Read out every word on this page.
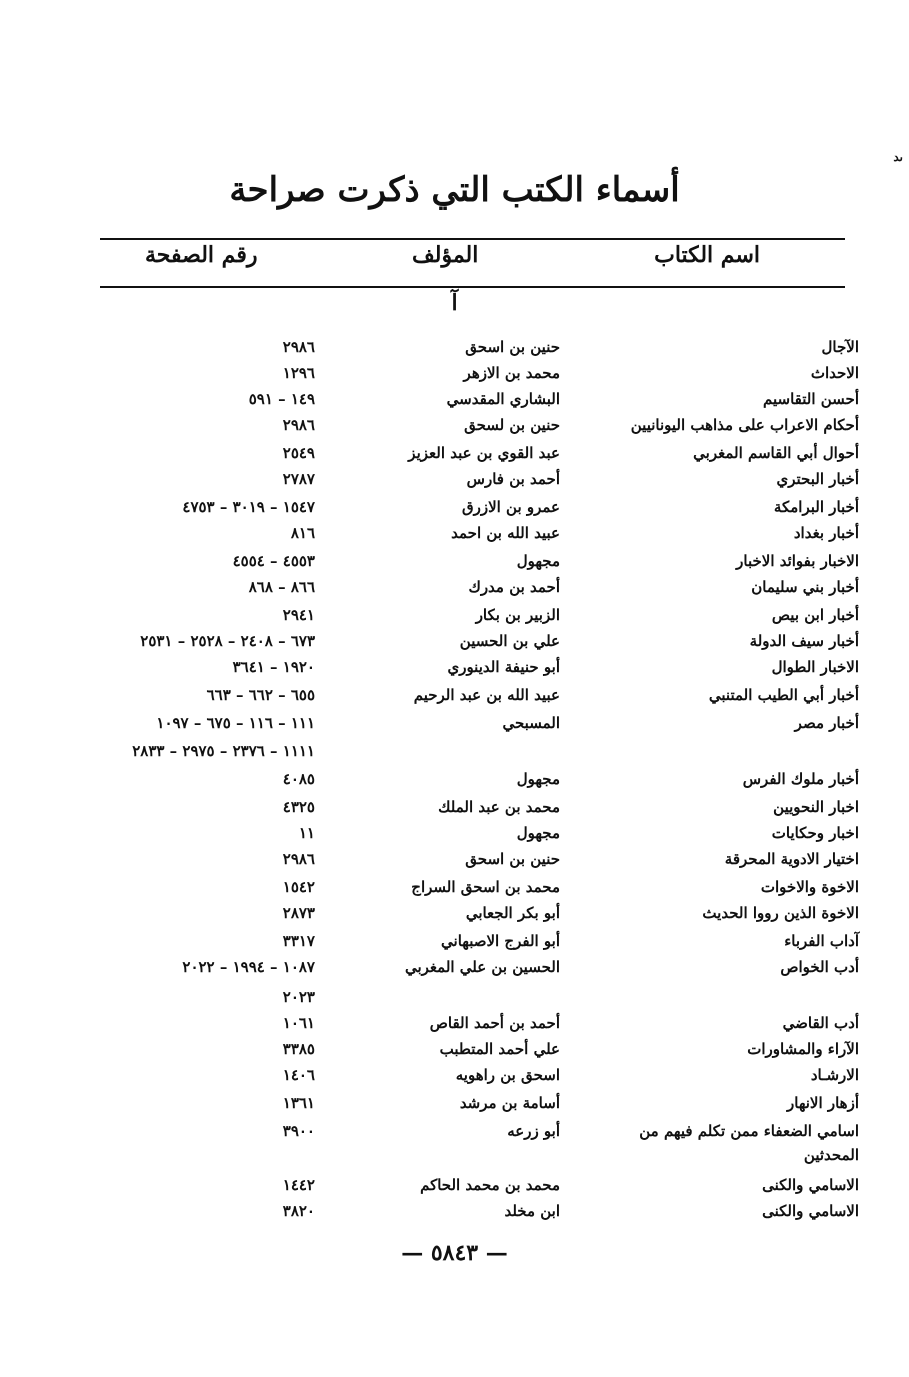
ىد
أسماء الكتب التي ذكرت صراحة
اسم الكتاب
المؤلف
رقم الصفحة
آ
الآجال
حنين بن اسحق
٢٩٨٦
الاحداث
محمد بن الازهر
١٢٩٦
أحسن التقاسيم
البشاري المقدسي
١٤٩ – ٥٩١
أحكام الاعراب على مذاهب اليونانيين
حنين بن لسحق
٢٩٨٦
أحوال أبي القاسم المغربي
عبد القوي بن عبد العزيز
٢٥٤٩
أخبار البحتري
أحمد بن فارس
٢٧٨٧
أخبار البرامكة
عمرو بن الازرق
١٥٤٧ – ٣٠١٩ – ٤٧٥٣
أخبار بغداد
عبيد الله بن احمد
٨١٦
الاخبار بفوائد الاخبار
مجهول
٤٥٥٣ – ٤٥٥٤
أخبار بني سليمان
أحمد بن مدرك
٨٦٦ – ٨٦٨
أخبار ابن بيص
الزبير بن بكار
٢٩٤١
أخبار سيف الدولة
علي بن الحسين
٦٧٣ – ٢٤٠٨ – ٢٥٢٨ – ٢٥٣١
الاخبار الطوال
أبو حنيفة الدينوري
١٩٢٠ – ٣٦٤١
أخبار أبي الطيب المتنبي
عبيد الله بن عبد الرحيم
٦٥٥ – ٦٦٢ – ٦٦٣
أخبار مصر
المسبحي
١١١ – ١١٦ – ٦٧٥ – ١٠٩٧
١١١١ – ٢٣٧٦ – ٢٩٧٥ – ٢٨٣٣
أخبار ملوك الفرس
مجهول
٤٠٨٥
اخبار النحويين
محمد بن عبد الملك
٤٣٢٥
اخبار وحكايات
مجهول
١١
اختيار الادوية المحرقة
حنين بن اسحق
٢٩٨٦
الاخوة والاخوات
محمد بن اسحق السراج
١٥٤٢
الاخوة الذين رووا الحديث
أبو بكر الجعابي
٢٨٧٣
آداب الفرباء
أبو الفرج الاصبهاني
٣٣١٧
أدب الخواص
الحسين بن علي المغربي
١٠٨٧ – ١٩٩٤ – ٢٠٢٢
٢٠٢٣
أدب القاضي
أحمد بن أحمد القاص
١٠٦١
الآراء والمشاورات
علي أحمد المتطبب
٣٣٨٥
الارشـاد
اسحق بن راهويه
١٤٠٦
أزهار الانهار
أسامة بن مرشد
١٣٦١
اسامي الضعفاء ممن تكلم فيهم من
أبو زرعه
٣٩٠٠
المحدثين
الاسامي والكنى
محمد بن محمد الحاكم
١٤٤٢
الاسامي والكنى
ابن مخلد
٣٨٢٠
— ٥٨٤٣ —
